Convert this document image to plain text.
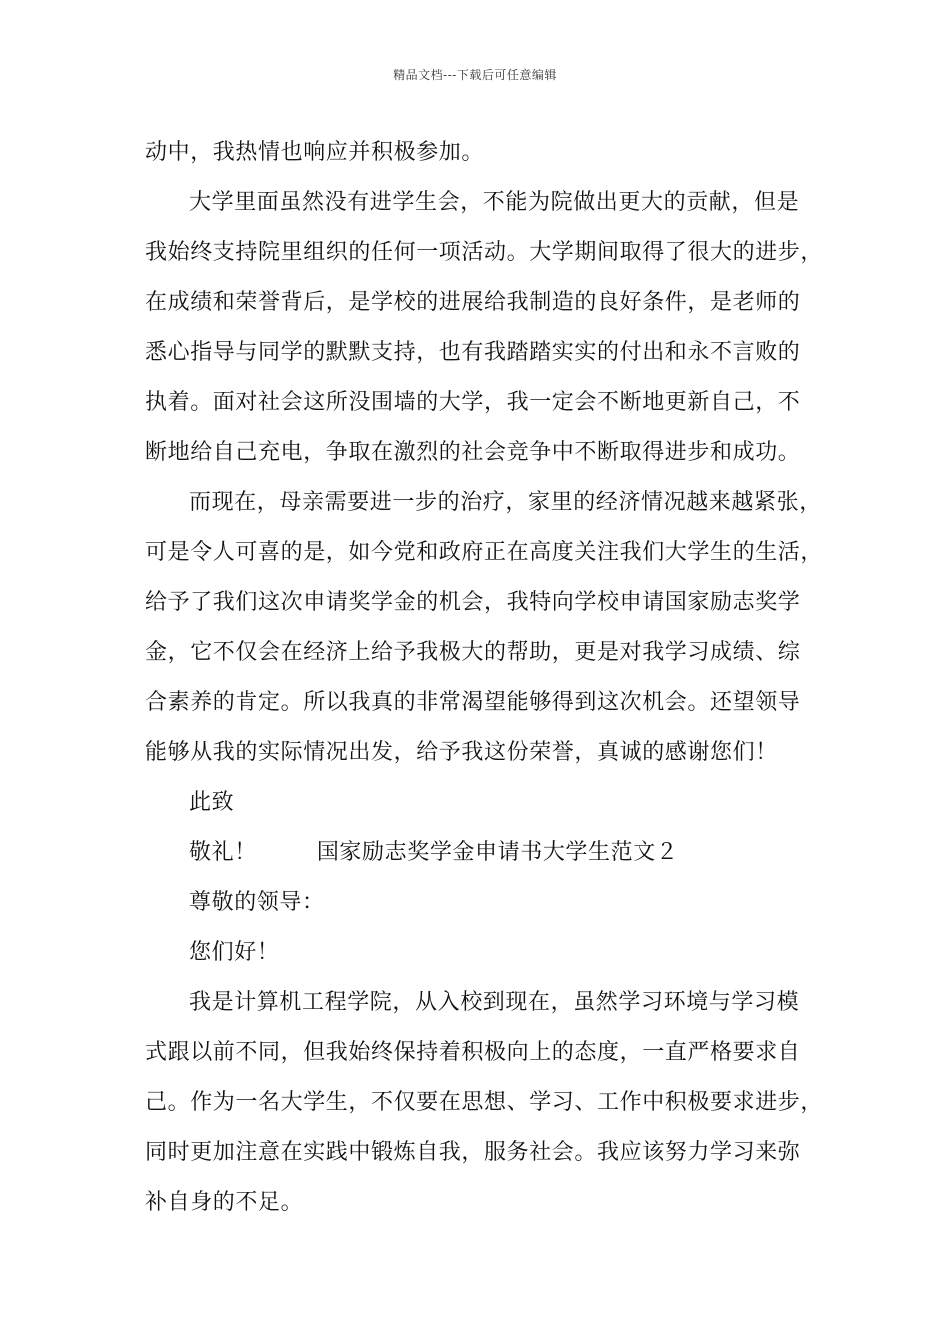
精品文档---下载后可任意编辑

动中，我热情也响应并积极参加。

大学里面虽然没有进学生会，不能为院做出更大的贡献，但是
我始终支持院里组织的任何一项活动。大学期间取得了很大的进步，
在成绩和荣誉背后，是学校的进展给我制造的良好条件，是老师的
悉心指导与同学的默默支持，也有我踏踏实实的付出和永不言败的
执着。面对社会这所没围墙的大学，我一定会不断地更新自己，不
断地给自己充电，争取在激烈的社会竞争中不断取得进步和成功。

而现在，母亲需要进一步的治疗，家里的经济情况越来越紧张，
可是令人可喜的是，如今党和政府正在高度关注我们大学生的生活，
给予了我们这次申请奖学金的机会，我特向学校申请国家励志奖学
金，它不仅会在经济上给予我极大的帮助，更是对我学习成绩、综
合素养的肯定。所以我真的非常渴望能够得到这次机会。还望领导
能够从我的实际情况出发，给予我这份荣誉，真诚的感谢您们！

此致

敬礼！	国家励志奖学金申请书大学生范文２

尊敬的领导：

您们好！

我是计算机工程学院，从入校到现在，虽然学习环境与学习模
式跟以前不同，但我始终保持着积极向上的态度，一直严格要求自
己。作为一名大学生，不仅要在思想、学习、工作中积极要求进步，
同时更加注意在实践中锻炼自我，服务社会。我应该努力学习来弥
补自身的不足。
